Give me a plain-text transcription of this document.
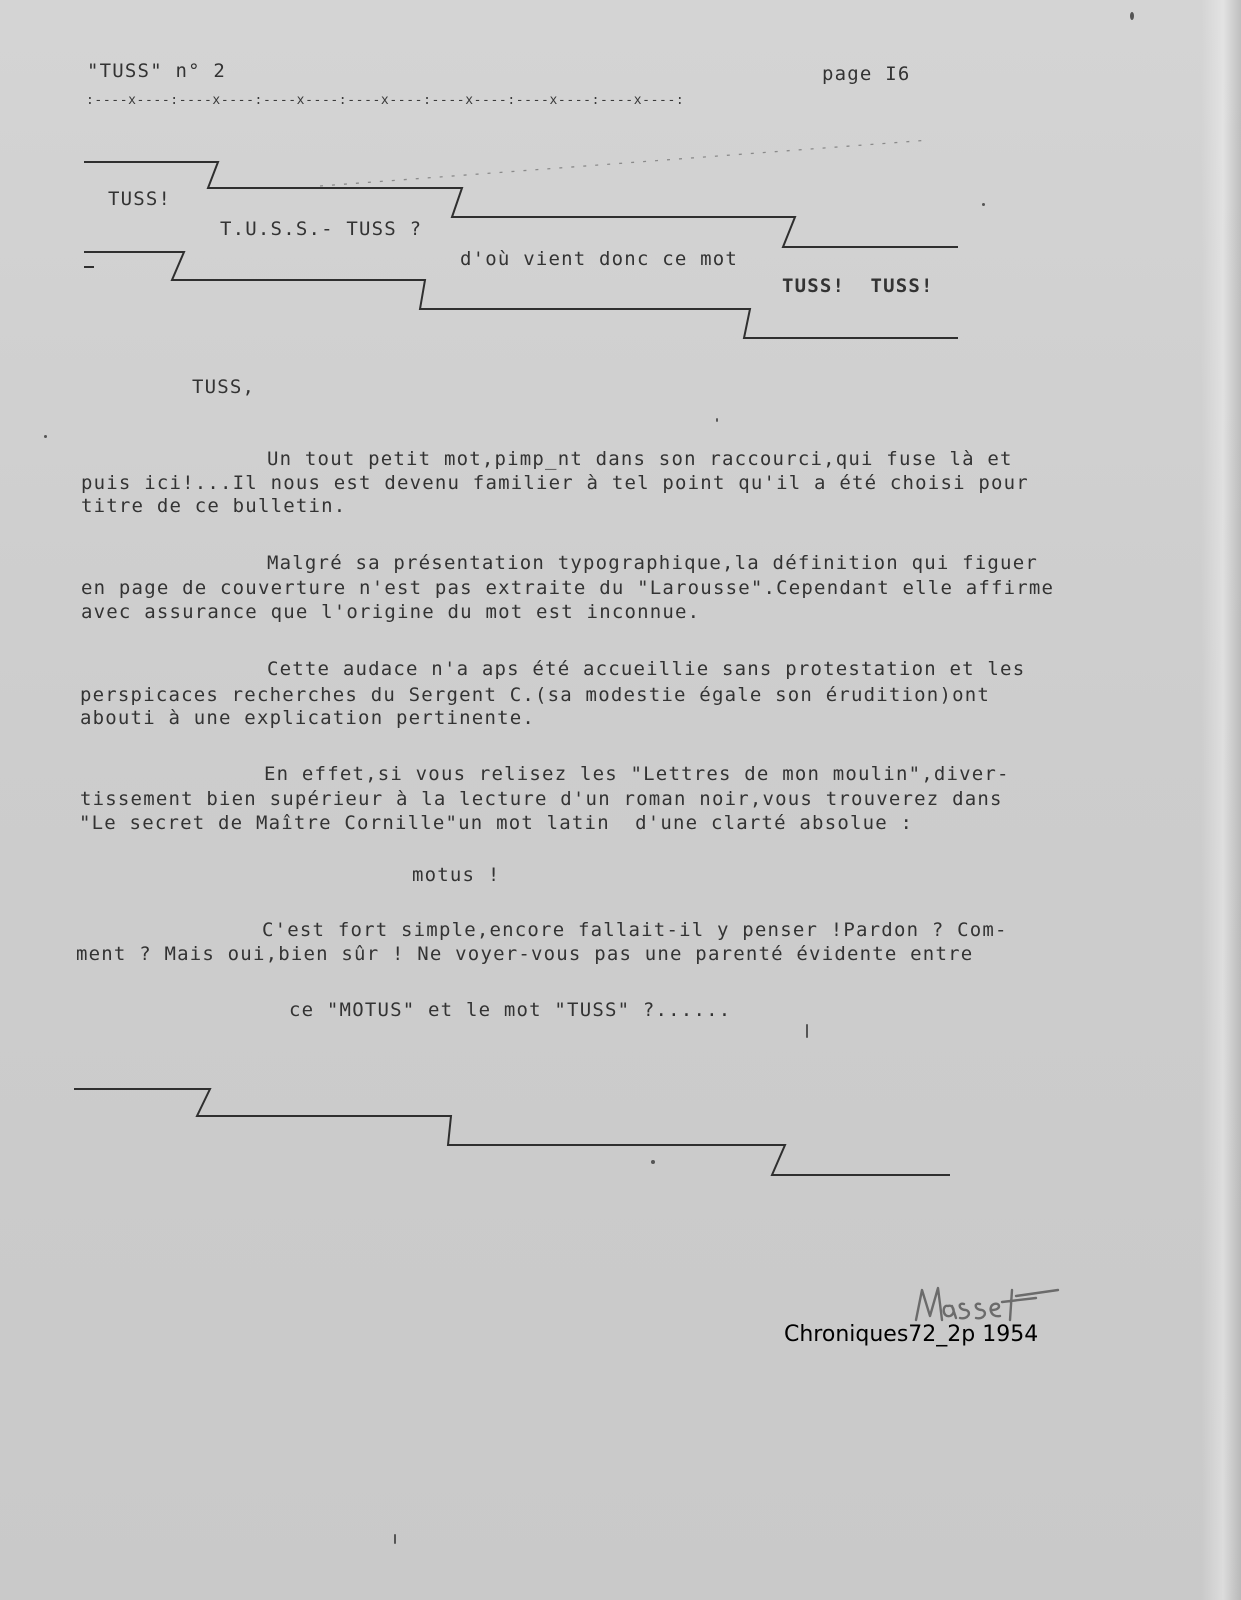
"TUSS" n° 2	page I6
:----x----:----x----:----x----:----x----:----x----:----x----:----x----:
TUSS!
T.U.S.S.- TUSS ?
d'où vient donc ce mot
TUSS!  TUSS!
TUSS,
Un tout petit mot,pimp_nt dans son raccourci,qui fuse là et
puis ici!...Il nous est devenu familier à tel point qu'il a été choisi pour
titre de ce bulletin.
Malgré sa présentation typographique,la définition qui figuer
en page de couverture n'est pas extraite du "Larousse".Cependant elle affirme
avec assurance que l'origine du mot est inconnue.
Cette audace n'a aps été accueillie sans protestation et les
perspicaces recherches du Sergent C.(sa modestie égale son érudition)ont
abouti à une explication pertinente.
En effet,si vous relisez les "Lettres de mon moulin",diver-
tissement bien supérieur à la lecture d'un roman noir,vous trouverez dans
"Le secret de Maître Cornille"un mot latin  d'une clarté absolue :
motus !
C'est fort simple,encore fallait-il y penser !Pardon ? Com-
ment ? Mais oui,bien sûr ! Ne voyer-vous pas une parenté évidente entre
ce "MOTUS" et le mot "TUSS" ?......
Chroniques72_2p 1954
